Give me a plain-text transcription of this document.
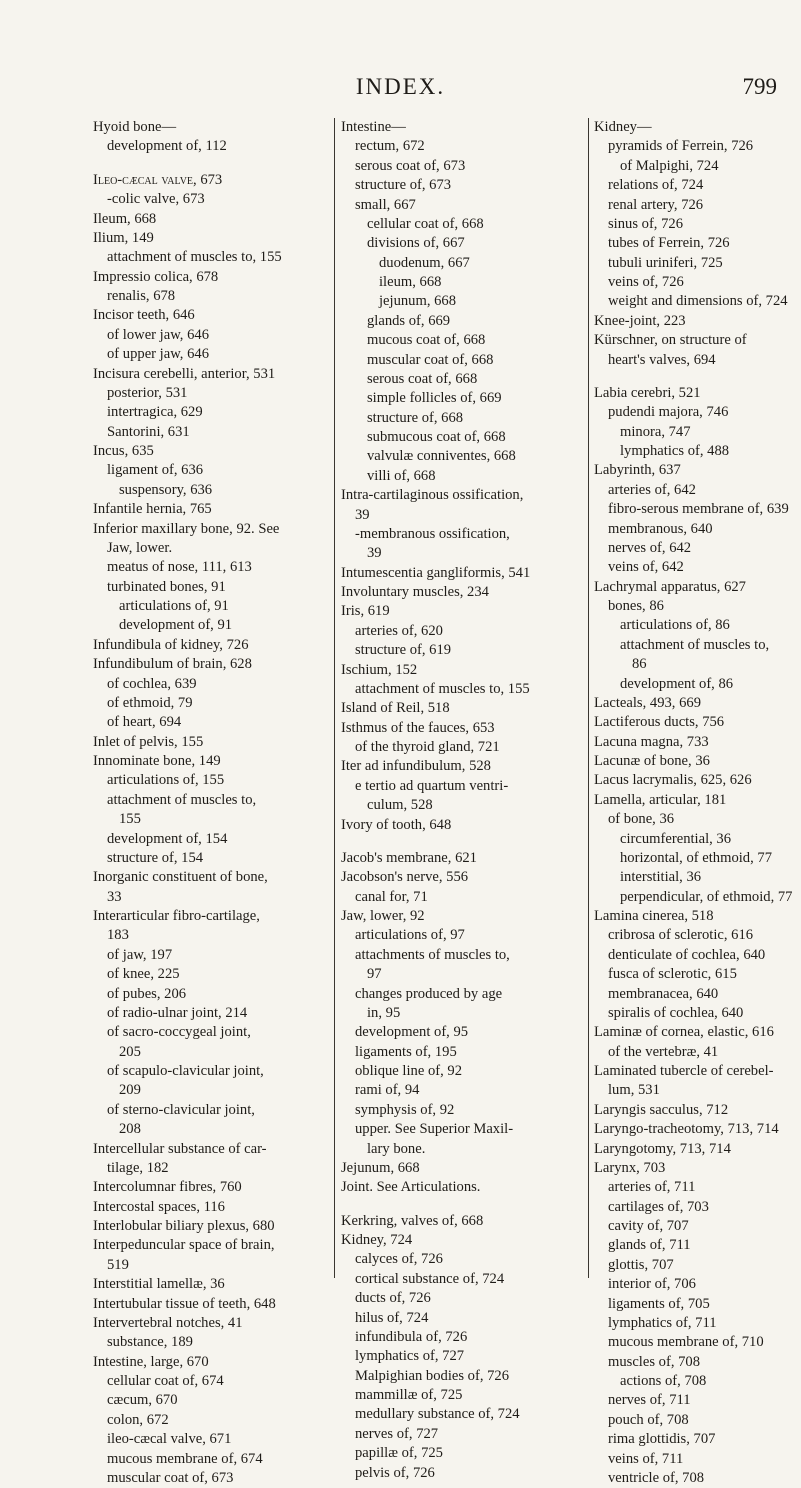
INDEX.	799
Hyoid bone—
development of, 112
Ileo-cæcal valve, 673
-colic valve, 673
Ileum, 668
Ilium, 149
attachment of muscles to, 155
Impressio colica, 678
renalis, 678
Incisor teeth, 646
of lower jaw, 646
of upper jaw, 646
Incisura cerebelli, anterior, 531
posterior, 531
intertragica, 629
Santorini, 631
Incus, 635
ligament of, 636
suspensory, 636
Infantile hernia, 765
Inferior maxillary bone, 92. See
Jaw, lower.
meatus of nose, 111, 613
turbinated bones, 91
articulations of, 91
development of, 91
Infundibula of kidney, 726
Infundibulum of brain, 628
of cochlea, 639
of ethmoid, 79
of heart, 694
Inlet of pelvis, 155
Innominate bone, 149
articulations of, 155
attachment of muscles to,
155
development of, 154
structure of, 154
Inorganic constituent of bone,
33
Interarticular fibro-cartilage,
183
of jaw, 197
of knee, 225
of pubes, 206
of radio-ulnar joint, 214
of sacro-coccygeal joint,
205
of scapulo-clavicular joint,
209
of sterno-clavicular joint,
208
Intercellular substance of car-
tilage, 182
Intercolumnar fibres, 760
Intercostal spaces, 116
Interlobular biliary plexus, 680
Interpeduncular space of brain,
519
Interstitial lamellæ, 36
Intertubular tissue of teeth, 648
Intervertebral notches, 41
substance, 189
Intestine, large, 670
cellular coat of, 674
cæcum, 670
colon, 672
ileo-cæcal valve, 671
mucous membrane of, 674
muscular coat of, 673
Intestine—
rectum, 672
serous coat of, 673
structure of, 673
small, 667
cellular coat of, 668
divisions of, 667
duodenum, 667
ileum, 668
jejunum, 668
glands of, 669
mucous coat of, 668
muscular coat of, 668
serous coat of, 668
simple follicles of, 669
structure of, 668
submucous coat of, 668
valvulæ conniventes, 668
villi of, 668
Intra-cartilaginous ossification,
39
-membranous ossification,
39
Intumescentia gangliformis, 541
Involuntary muscles, 234
Iris, 619
arteries of, 620
structure of, 619
Ischium, 152
attachment of muscles to, 155
Island of Reil, 518
Isthmus of the fauces, 653
of the thyroid gland, 721
Iter ad infundibulum, 528
e tertio ad quartum ventri-
culum, 528
Ivory of tooth, 648
Jacob's membrane, 621
Jacobson's nerve, 556
canal for, 71
Jaw, lower, 92
articulations of, 97
attachments of muscles to,
97
changes produced by age
in, 95
development of, 95
ligaments of, 195
oblique line of, 92
rami of, 94
symphysis of, 92
upper. See Superior Maxil-
lary bone.
Jejunum, 668
Joint. See Articulations.
Kerkring, valves of, 668
Kidney, 724
calyces of, 726
cortical substance of, 724
ducts of, 726
hilus of, 724
infundibula of, 726
lymphatics of, 727
Malpighian bodies of, 726
mammillæ of, 725
medullary substance of, 724
nerves of, 727
papillæ of, 725
pelvis of, 726
Kidney—
pyramids of Ferrein, 726
of Malpighi, 724
relations of, 724
renal artery, 726
sinus of, 726
tubes of Ferrein, 726
tubuli uriniferi, 725
veins of, 726
weight and dimensions of, 724
Knee-joint, 223
Kürschner, on structure of
heart's valves, 694
Labia cerebri, 521
pudendi majora, 746
minora, 747
lymphatics of, 488
Labyrinth, 637
arteries of, 642
fibro-serous membrane of, 639
membranous, 640
nerves of, 642
veins of, 642
Lachrymal apparatus, 627
bones, 86
articulations of, 86
attachment of muscles to,
86
development of, 86
Lacteals, 493, 669
Lactiferous ducts, 756
Lacuna magna, 733
Lacunæ of bone, 36
Lacus lacrymalis, 625, 626
Lamella, articular, 181
of bone, 36
circumferential, 36
horizontal, of ethmoid, 77
interstitial, 36
perpendicular, of ethmoid, 77
Lamina cinerea, 518
cribrosa of sclerotic, 616
denticulate of cochlea, 640
fusca of sclerotic, 615
membranacea, 640
spiralis of cochlea, 640
Laminæ of cornea, elastic, 616
of the vertebræ, 41
Laminated tubercle of cerebel-
lum, 531
Laryngis sacculus, 712
Laryngo-tracheotomy, 713, 714
Laryngotomy, 713, 714
Larynx, 703
arteries of, 711
cartilages of, 703
cavity of, 707
glands of, 711
glottis, 707
interior of, 706
ligaments of, 705
lymphatics of, 711
mucous membrane of, 710
muscles of, 708
actions of, 708
nerves of, 711
pouch of, 708
rima glottidis, 707
veins of, 711
ventricle of, 708
